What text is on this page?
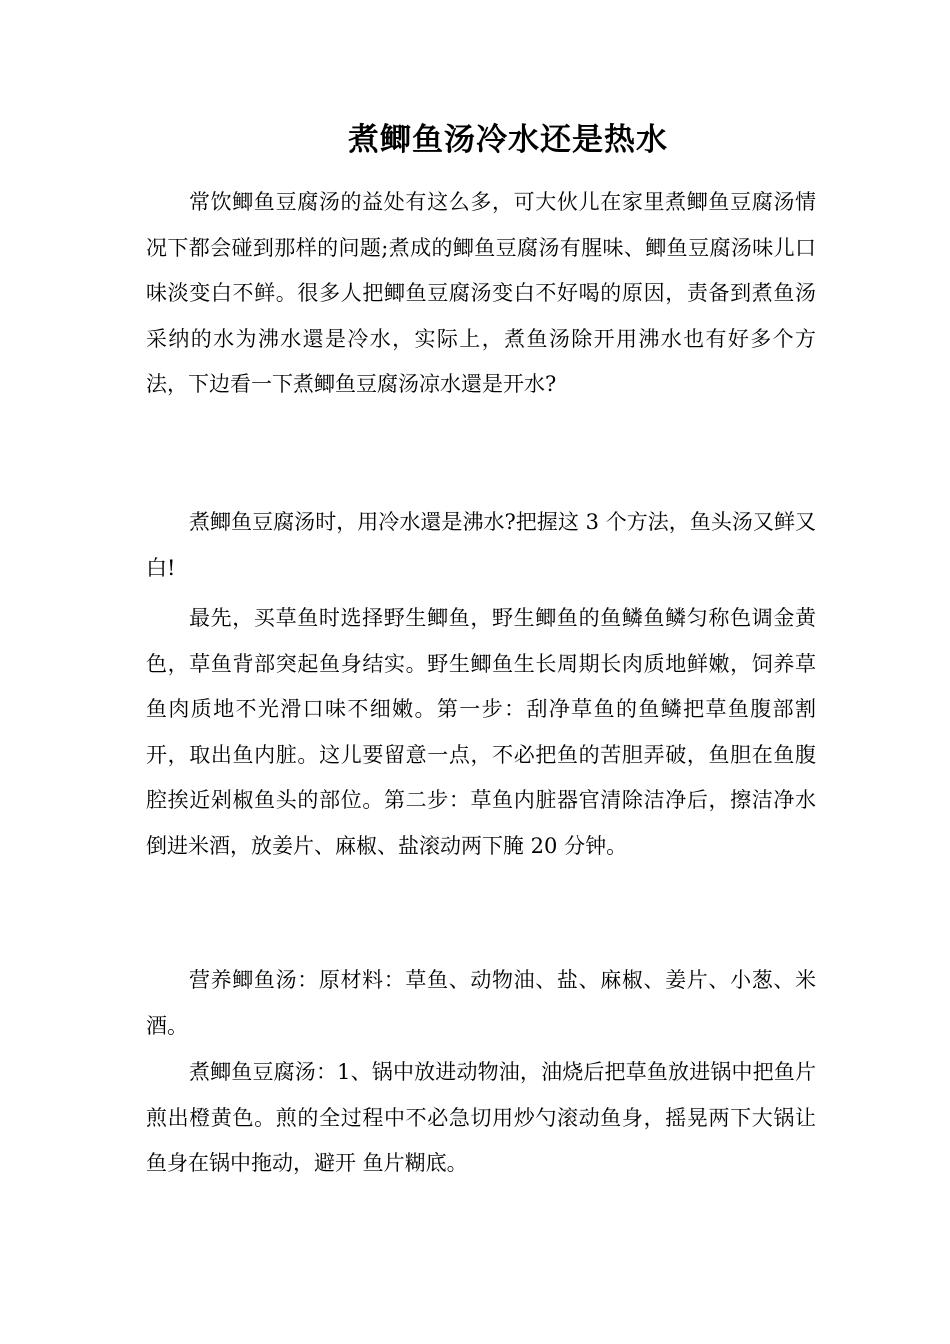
煮鲫鱼汤冷水还是热水

常饮鲫鱼豆腐汤的益处有这么多，可大伙儿在家里煮鲫鱼豆腐汤情况下都会碰到那样的问题;煮成的鲫鱼豆腐汤有腥味、鲫鱼豆腐汤味儿口味淡变白不鲜。很多人把鲫鱼豆腐汤变白不好喝的原因，责备到煮鱼汤采纳的水为沸水還是冷水，实际上，煮鱼汤除开用沸水也有好多个方法，下边看一下煮鲫鱼豆腐汤凉水還是开水?

煮鲫鱼豆腐汤时，用冷水還是沸水?把握这 3 个方法，鱼头汤又鲜又白!

最先，买草鱼时选择野生鲫鱼，野生鲫鱼的鱼鳞鱼鳞匀称色调金黄色，草鱼背部突起鱼身结实。野生鲫鱼生长周期长肉质地鲜嫩，饲养草鱼肉质地不光滑口味不细嫩。第一步：刮净草鱼的鱼鳞把草鱼腹部割开，取出鱼内脏。这儿要留意一点，不必把鱼的苦胆弄破，鱼胆在鱼腹腔挨近剁椒鱼头的部位。第二步：草鱼内脏器官清除洁净后，擦洁净水倒进米酒，放姜片、麻椒、盐滚动两下腌 20 分钟。

营养鲫鱼汤：原材料：草鱼、动物油、盐、麻椒、姜片、小葱、米酒。

煮鲫鱼豆腐汤：1、锅中放进动物油，油烧后把草鱼放进锅中把鱼片煎出橙黄色。煎的全过程中不必急切用炒勺滚动鱼身，摇晃两下大锅让鱼身在锅中拖动，避开 鱼片糊底。
